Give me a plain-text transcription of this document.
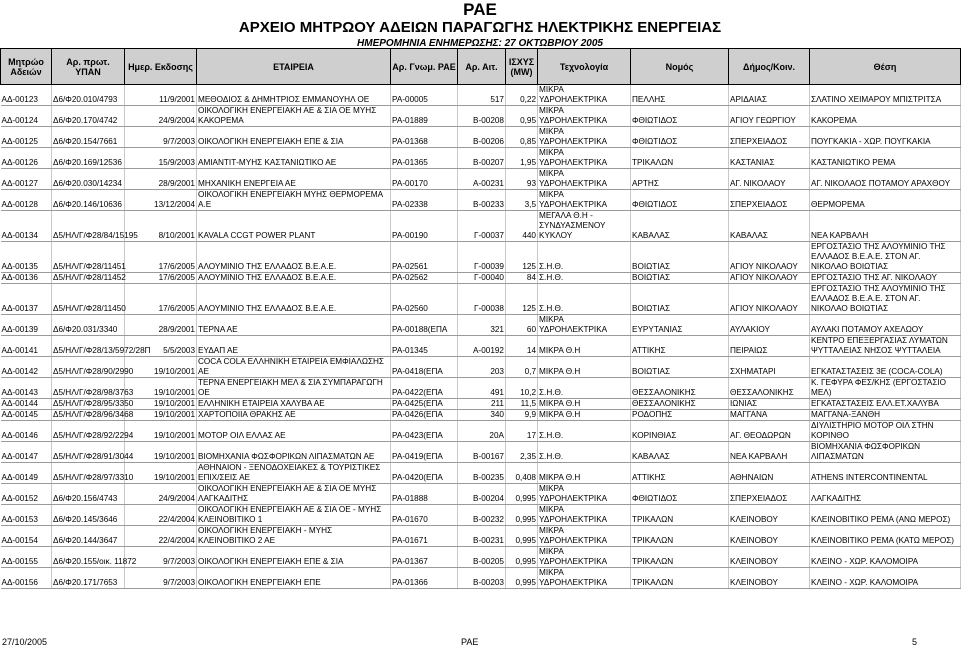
ΡΑΕ
ΑΡΧΕΙΟ ΜΗΤΡΩΟΥ ΑΔΕΙΩΝ ΠΑΡΑΓΩΓΗΣ ΗΛΕΚΤΡΙΚΗΣ ΕΝΕΡΓΕΙΑΣ
ΗΜΕΡΟΜΗΝΙΑ ΕΝΗΜΕΡΩΣΗΣ: 27 ΟΚΤΩΒΡΙΟΥ 2005
Μητρώο Αδειών	Αρ. πρωτ. ΥΠΑΝ	Ημερ. Εκδοσης	ΕΤΑΙΡΕΙΑ	Αρ. Γνωμ. ΡΑΕ	Αρ. Αιτ.	ΙΣΧΥΣ (MW)	Τεχνολογία	Νομός	Δήμος/Κοιν.	Θέση
ΑΔ-00123	Δ6/Φ20.010/4793	11/9/2001	ΜΕΘΟΔΙΟΣ & ΔΗΜΗΤΡΙΟΣ ΕΜΜΑΝΟΥΗΛ ΟΕ	ΡΑ-00005	517	0,22	ΜΙΚΡΑ ΥΔΡΟΗΛΕΚΤΡΙΚΑ	ΠΕΛΛΗΣ	ΑΡΙΔΑΙΑΣ	ΣΛΑΤΙΝΟ ΧΕΙΜΑΡΟΥ ΜΠΙΣΤΡΙΤΣΑ
ΑΔ-00124	Δ6/Φ20.170/4742	24/9/2004	ΟΙΚΟΛΟΓΙΚΗ ΕΝΕΡΓΕΙΑΚΗ ΑΕ & ΣΙΑ ΟΕ ΜΥΗΣ ΚΑΚΟΡΕΜΑ	ΡΑ-01889	Β-00208	0,95	ΜΙΚΡΑ ΥΔΡΟΗΛΕΚΤΡΙΚΑ	ΦΘΙΩΤΙΔΟΣ	ΑΓΙΟΥ ΓΕΩΡΓΙΟΥ	ΚΑΚΟΡΕΜΑ
ΑΔ-00125	Δ6/Φ20.154/7661	9/7/2003	ΟΙΚΟΛΟΓΙΚΗ ΕΝΕΡΓΕΙΑΚΗ ΕΠΕ & ΣΙΑ	ΡΑ-01368	Β-00206	0,85	ΜΙΚΡΑ ΥΔΡΟΗΛΕΚΤΡΙΚΑ	ΦΘΙΩΤΙΔΟΣ	ΣΠΕΡΧΕΙΑΔΟΣ	ΠΟΥΓΚΑΚΙΑ - ΧΩΡ. ΠΟΥΓΚΑΚΙΑ
ΑΔ-00126	Δ6/Φ20.169/12536	15/9/2003	ΑΜΙΑΝΤΙΤ-ΜΥΗΣ ΚΑΣΤΑΝΙΩΤΙΚΟ ΑΕ	ΡΑ-01365	Β-00207	1,95	ΜΙΚΡΑ ΥΔΡΟΗΛΕΚΤΡΙΚΑ	ΤΡΙΚΑΛΩΝ	ΚΑΣΤΑΝΙΑΣ	ΚΑΣΤΑΝΙΩΤΙΚΟ ΡΕΜΑ
ΑΔ-00127	Δ6/Φ20.030/14234	28/9/2001	ΜΗΧΑΝΙΚΗ ΕΝΕΡΓΕΙΑ ΑΕ	ΡΑ-00170	Α-00231	93	ΜΙΚΡΑ ΥΔΡΟΗΛΕΚΤΡΙΚΑ	ΑΡΤΗΣ	ΑΓ. ΝΙΚΟΛΑΟΥ	ΑΓ. ΝΙΚΟΛΑΟΣ ΠΟΤΑΜΟΥ ΑΡΑΧΘΟΥ
ΑΔ-00128	Δ6/Φ20.146/10636	13/12/2004	ΟΙΚΟΛΟΓΙΚΗ ΕΝΕΡΓΕΙΑΚΗ ΜΥΗΣ ΘΕΡΜΟΡΕΜΑ Α.Ε	ΡΑ-02338	Β-00233	3,5	ΜΙΚΡΑ ΥΔΡΟΗΛΕΚΤΡΙΚΑ	ΦΘΙΩΤΙΔΟΣ	ΣΠΕΡΧΕΙΑΔΟΣ	ΘΕΡΜΟΡΕΜΑ
ΑΔ-00134	Δ5/ΗΛ/Γ/Φ28/84/15195	8/10/2001	KAVALA CCGT POWER PLANT	ΡΑ-00190	Γ-00037	440	ΜΕΓΑΛΑ Θ.Η - ΣΥΝΔΥΑΣΜΕΝΟΥ ΚΥΚΛΟΥ	ΚΑΒΑΛΑΣ	ΚΑΒΑΛΑΣ	ΝΕΑ ΚΑΡΒΑΛΗ
ΑΔ-00135	Δ5/ΗΛ/Γ/Φ28/11451	17/6/2005	ΑΛΟΥΜΙΝΙΟ ΤΗΣ ΕΛΛΑΔΟΣ Β.Ε.Α.Ε.	ΡΑ-02561	Γ-00039	125	Σ.Η.Θ.	ΒΟΙΩΤΙΑΣ	ΑΓΙΟΥ ΝΙΚΟΛΑΟΥ	ΕΡΓΟΣΤΑΣΙΟ ΤΗΣ ΑΛΟΥΜΙΝΙΟ ΤΗΣ ΕΛΛΑΔΟΣ Β.Ε.Α.Ε. ΣΤΟΝ ΑΓ. ΝΙΚΟΛΑΟ ΒΟΙΩΤΙΑΣ
ΑΔ-00136	Δ5/ΗΛ/Γ/Φ28/11452	17/6/2005	ΑΛΟΥΜΙΝΙΟ ΤΗΣ ΕΛΛΑΔΟΣ Β.Ε.Α.Ε.	ΡΑ-02562	Γ-00040	84	Σ.Η.Θ.	ΒΟΙΩΤΙΑΣ	ΑΓΙΟΥ ΝΙΚΟΛΑΟΥ	ΕΡΓΟΣΤΑΣΙΟ ΤΗΣ ΑΓ. ΝΙΚΟΛΑΟΥ
ΑΔ-00137	Δ5/ΗΛ/Γ/Φ28/11450	17/6/2005	ΑΛΟΥΜΙΝΙΟ ΤΗΣ ΕΛΛΑΔΟΣ Β.Ε.Α.Ε.	ΡΑ-02560	Γ-00038	125	Σ.Η.Θ.	ΒΟΙΩΤΙΑΣ	ΑΓΙΟΥ ΝΙΚΟΛΑΟΥ	ΕΡΓΟΣΤΑΣΙΟ ΤΗΣ ΑΛΟΥΜΙΝΙΟ ΤΗΣ ΕΛΛΑΔΟΣ Β.Ε.Α.Ε. ΣΤΟΝ ΑΓ. ΝΙΚΟΛΑΟ ΒΟΙΩΤΙΑΣ
ΑΔ-00139	Δ6/Φ20.031/3340	28/9/2001	ΤΕΡΝΑ ΑΕ	ΡΑ-00188(ΕΠΑ	321	60	ΜΙΚΡΑ ΥΔΡΟΗΛΕΚΤΡΙΚΑ	ΕΥΡΥΤΑΝΙΑΣ	ΑΥΛΑΚΙΟΥ	ΑΥΛΑΚΙ ΠΟΤΑΜΟΥ ΑΧΕΛΩΟΥ
ΑΔ-00141	Δ5/ΗΛ/Γ/Φ28/13/5972/28Π	5/5/2003	ΕΥΔΑΠ ΑΕ	ΡΑ-01345	Α-00192	14	ΜΙΚΡΑ Θ.Η	ΑΤΤΙΚΗΣ	ΠΕΙΡΑΙΩΣ	ΚΕΝΤΡΟ ΕΠΕΞΕΡΓΑΣΙΑΣ ΛΥΜΑΤΩΝ ΨΥΤΤΑΛΕΙΑΣ ΝΗΣΟΣ ΨΥΤΤΑΛΕΙΑ
ΑΔ-00142	Δ5/ΗΛ/Γ/Φ28/90/2990	19/10/2001	COCA COLA ΕΛΛΗΝΙΚΗ ΕΤΑΙΡΕΙΑ ΕΜΦΙΑΛΩΣΗΣ ΑΕ	ΡΑ-0418(ΕΠΑ	203	0,7	ΜΙΚΡΑ Θ.Η	ΒΟΙΩΤΙΑΣ	ΣΧΗΜΑΤΑΡΙ	ΕΓΚΑΤΑΣΤΑΣΕΙΣ 3Ε (COCA-COLA)
ΑΔ-00143	Δ5/ΗΛ/Γ/Φ28/98/3763	19/10/2001	ΤΕΡΝΑ ΕΝΕΡΓΕΙΑΚΗ ΜΕΛ & ΣΙΑ ΣΥΜΠΑΡΑΓΩΓΗ ΟΕ	ΡΑ-0422(ΕΠΑ	491	10,2	Σ.Η.Θ.	ΘΕΣΣΑΛΟΝΙΚΗΣ	ΘΕΣΣΑΛΟΝΙΚΗΣ	Κ. ΓΕΦΥΡΑ ΦΕΣ/ΚΗΣ (ΕΡΓΟΣΤΑΣΙΟ ΜΕΛ)
ΑΔ-00144	Δ5/ΗΛ/Γ/Φ28/95/3350	19/10/2001	ΕΛΛΗΝΙΚΗ ΕΤΑΙΡΕΙΑ ΧΑΛΥΒΑ ΑΕ	ΡΑ-0425(ΕΠΑ	211	11,5	ΜΙΚΡΑ Θ.Η	ΘΕΣΣΑΛΟΝΙΚΗΣ	ΙΩΝΙΑΣ	ΕΓΚΑΤΑΣΤΑΣΕΙΣ ΕΛΛ.ΕΤ.ΧΑΛΥΒΑ
ΑΔ-00145	Δ5/ΗΛ/Γ/Φ28/96/3468	19/10/2001	ΧΑΡΤΟΠΟΙΙΑ ΘΡΑΚΗΣ ΑΕ	ΡΑ-0426(ΕΠΑ	340	9,9	ΜΙΚΡΑ Θ.Η	ΡΟΔΟΠΗΣ	ΜΑΓΓΑΝΑ	ΜΑΓΓΑΝΑ-ΞΑΝΘΗ
ΑΔ-00146	Δ5/ΗΛ/Γ/Φ28/92/2294	19/10/2001	ΜΟΤΟΡ ΟΙΛ ΕΛΛΑΣ ΑΕ	ΡΑ-0423(ΕΠΑ	20Α	17	Σ.Η.Θ.	ΚΟΡΙΝΘΙΑΣ	ΑΓ. ΘΕΟΔΩΡΩΝ	ΔΙΥΛΙΣΤΗΡΙΟ ΜΟΤΟΡ ΟΙΛ ΣΤΗΝ ΚΟΡΙΝΘΟ
ΑΔ-00147	Δ5/ΗΛ/Γ/Φ28/91/3044	19/10/2001	ΒΙΟΜΗΧΑΝΙΑ ΦΩΣΦΟΡΙΚΩΝ ΛΙΠΑΣΜΑΤΩΝ ΑΕ	ΡΑ-0419(ΕΠΑ	Β-00167	2,35	Σ.Η.Θ.	ΚΑΒΑΛΑΣ	ΝΕΑ ΚΑΡΒΑΛΗ	ΒΙΟΜΗΧΑΝΙΑ ΦΩΣΦΟΡΙΚΩΝ ΛΙΠΑΣΜΑΤΩΝ
ΑΔ-00149	Δ5/ΗΛ/Γ/Φ28/97/3310	19/10/2001	ΑΘΗΝΑΙΟΝ - ΞΕΝΟΔΟΧΕΙΑΚΕΣ & ΤΟΥΡΙΣΤΙΚΕΣ ΕΠΙΧ/ΣΕΙΣ ΑΕ	ΡΑ-0420(ΕΠΑ	Β-00235	0,408	ΜΙΚΡΑ Θ.Η	ΑΤΤΙΚΗΣ	ΑΘΗΝΑΙΩΝ	ATHENS INTERCONTINENTAL
ΑΔ-00152	Δ6/Φ20.156/4743	24/9/2004	ΟΙΚΟΛΟΓΙΚΗ ΕΝΕΡΓΕΙΑΚΗ ΑΕ & ΣΙΑ ΟΕ ΜΥΗΣ ΛΑΓΚΑΔΙΤΗΣ	ΡΑ-01888	Β-00204	0,995	ΜΙΚΡΑ ΥΔΡΟΗΛΕΚΤΡΙΚΑ	ΦΘΙΩΤΙΔΟΣ	ΣΠΕΡΧΕΙΑΔΟΣ	ΛΑΓΚΑΔΙΤΗΣ
ΑΔ-00153	Δ6/Φ20.145/3646	22/4/2004	ΟΙΚΟΛΟΓΙΚΗ ΕΝΕΡΓΕΙΑΚΗ ΑΕ & ΣΙΑ ΟΕ - ΜΥΗΣ ΚΛΕΙΝΟΒΙΤΙΚΟ 1	ΡΑ-01670	Β-00232	0,995	ΜΙΚΡΑ ΥΔΡΟΗΛΕΚΤΡΙΚΑ	ΤΡΙΚΑΛΩΝ	ΚΛΕΙΝΟΒΟΥ	ΚΛΕΙΝΟΒΙΤΙΚΟ ΡΕΜΑ (ΑΝΩ ΜΕΡΟΣ)
ΑΔ-00154	Δ6/Φ20.144/3647	22/4/2004	ΟΙΚΟΛΟΓΙΚΗ ΕΝΕΡΓΕΙΑΚΗ - ΜΥΗΣ ΚΛΕΙΝΟΒΙΤΙΚΟ 2 ΑΕ	ΡΑ-01671	Β-00231	0,995	ΜΙΚΡΑ ΥΔΡΟΗΛΕΚΤΡΙΚΑ	ΤΡΙΚΑΛΩΝ	ΚΛΕΙΝΟΒΟΥ	ΚΛΕΙΝΟΒΙΤΙΚΟ ΡΕΜΑ (ΚΑΤΩ ΜΕΡΟΣ)
ΑΔ-00155	Δ6/Φ20.155/οικ. 11872	9/7/2003	ΟΙΚΟΛΟΓΙΚΗ ΕΝΕΡΓΕΙΑΚΗ ΕΠΕ & ΣΙΑ	ΡΑ-01367	Β-00205	0,995	ΜΙΚΡΑ ΥΔΡΟΗΛΕΚΤΡΙΚΑ	ΤΡΙΚΑΛΩΝ	ΚΛΕΙΝΟΒΟΥ	ΚΛΕΙΝΟ - ΧΩΡ. ΚΑΛΟΜΟΙΡΑ
ΑΔ-00156	Δ6/Φ20.171/7653	9/7/2003	ΟΙΚΟΛΟΓΙΚΗ ΕΝΕΡΓΕΙΑΚΗ ΕΠΕ	ΡΑ-01366	Β-00203	0,995	ΜΙΚΡΑ ΥΔΡΟΗΛΕΚΤΡΙΚΑ	ΤΡΙΚΑΛΩΝ	ΚΛΕΙΝΟΒΟΥ	ΚΛΕΙΝΟ - ΧΩΡ. ΚΑΛΟΜΟΙΡΑ
27/10/2005	ΡΑΕ	5
